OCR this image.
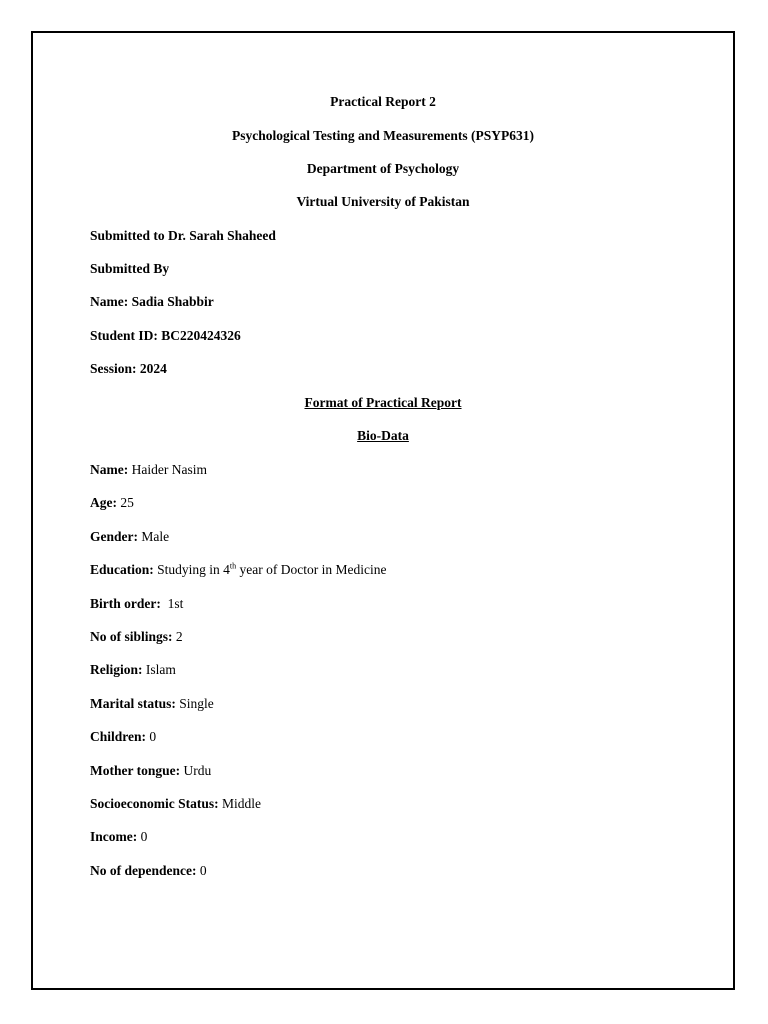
Practical Report 2
Psychological Testing and Measurements (PSYP631)
Department of Psychology
Virtual University of Pakistan
Submitted to Dr. Sarah Shaheed
Submitted By
Name: Sadia Shabbir
Student ID: BC220424326
Session: 2024
Format of Practical Report
Bio-Data
Name: Haider Nasim
Age: 25
Gender: Male
Education: Studying in 4th year of Doctor in Medicine
Birth order:  1st
No of siblings: 2
Religion: Islam
Marital status: Single
Children: 0
Mother tongue: Urdu
Socioeconomic Status: Middle
Income: 0
No of dependence: 0
